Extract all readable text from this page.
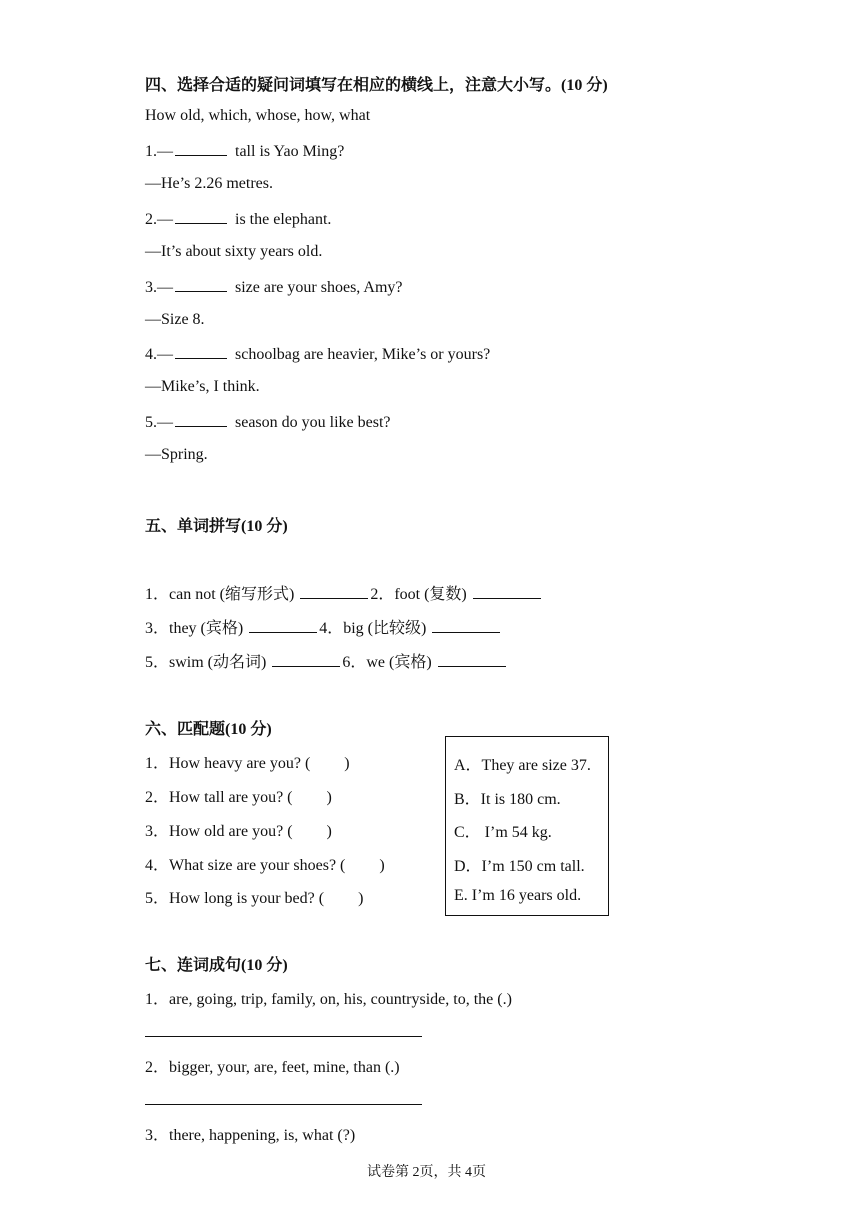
四、选择合适的疑问词填写在相应的横线上，注意大小写。(10 分)
How old, which, whose, how, what
1.—	tall is Yao Ming?
—He’s 2.26 metres.
2.—	is the elephant.
—It’s about sixty years old.
3.—	size are your shoes, Amy?
—Size 8.
4.—	schoolbag are heavier, Mike’s or yours?
—Mike’s, I think.
5.—	season do you like best?
—Spring.
五、单词拼写(10 分)
1．can not (缩写形式)	2．foot (复数)
3．they (宾格)	4．big (比较级)
5．swim (动名词)	6．we (宾格)
六、匹配题(10 分)
1．How heavy are you? ( )
2．How tall are you? ( )
3．How old are you? ( )
4．What size are your shoes? ( )
5．How long is your bed? ( )
A．They are size 37.
B．It is 180 cm.
C． I’m 54 kg.
D．I’m 150 cm tall.
E. I’m 16 years old.
七、连词成句(10 分)
1．are, going, trip, family, on, his, countryside, to, the (.)
2．bigger, your, are, feet, mine, than (.)
3．there, happening, is, what (?)
试卷第 2页，共 4页
